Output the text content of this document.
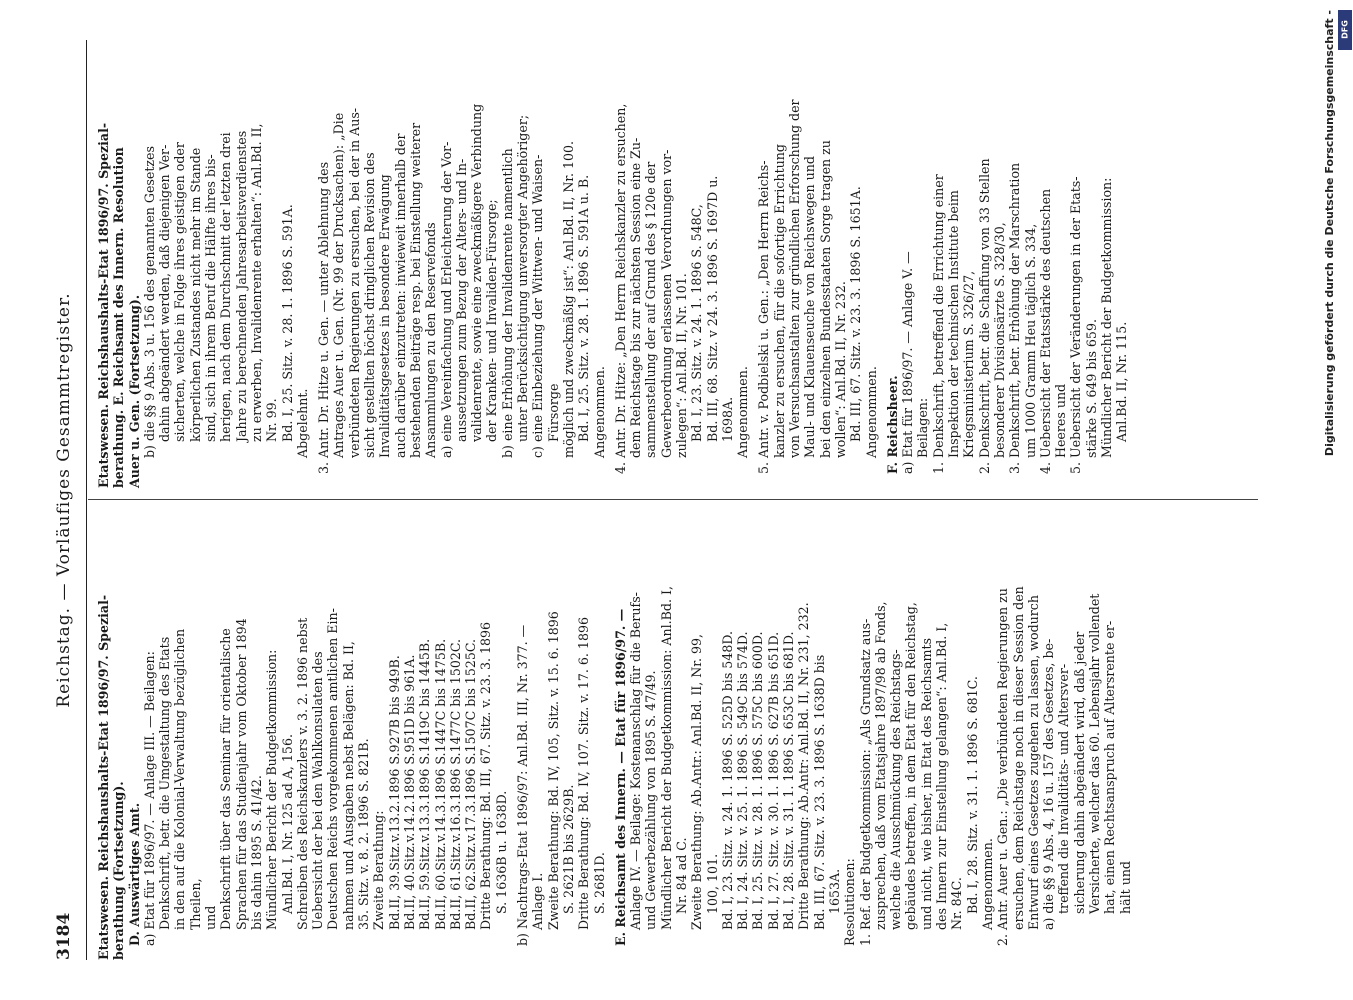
3184
Reichstag. — Vorläufiges Gesammtregister.

Etatswesen. Reichshaushalts-Etat 1896/97. Spezial- berathung (Fortsetzung). D. Auswärtiges Amt. a) Etat für 1896/97. — Anlage III. — Beilagen: Denkschrift, betr. die Umgestaltung des Etats in den auf die Kolonial-Verwaltung bezüglichen Theilen, und Denkschrift über das Seminar für orientalische Sprachen für das Studienjahr vom Oktober 1894 bis dahin 1895 S. 41/42. Mündlicher Bericht der Budgetkommission: Anl.Bd. I, Nr. 125 ad A, 156. Schreiben des Reichskanzlers v. 3. 2. 1896 nebst Uebersicht der bei den Wahlkonsulaten des Deutschen Reichs vorgekommenen amtlichen Ein- nahmen und Ausgaben nebst Belägen: Bd. II, 35. Sitz. v. 8. 2. 1896 S. 821B. Zweite Berathung: Bd.II, 39.Sitz.v.13.2.1896 S.927B bis 949B. Bd.II, 40.Sitz.v.14.2.1896 S.951D bis 961A. Bd.II, 59.Sitz.v.13.3.1896 S.1419C bis 1445B. Bd.II, 60.Sitz.v.14.3.1896 S.1447C bis 1475B. Bd.II, 61.Sitz.v.16.3.1896 S.1477C bis 1502C. Bd.II, 62.Sitz.v.17.3.1896 S.1507C bis 1525C. Dritte Berathung: Bd. III, 67. Sitz. v. 23. 3. 1896 S. 1636B u. 1638D. b) Nachtrags-Etat 1896/97: Anl.Bd. III, Nr. 377. — Anlage I. Zweite Berathung: Bd. IV, 105, Sitz. v. 15. 6. 1896 S. 2621B bis 2629B. Dritte Berathung: Bd. IV, 107. Sitz. v. 17. 6. 1896 S. 2681D. E. Reichsamt des Innern. — Etat für 1896/97. — Anlage IV. — Beilage: Kostenanschlag für die Berufs- und Gewerbezählung von 1895 S. 47/49. Mündlicher Bericht der Budgetkommission: Anl.Bd. I, Nr. 84 ad C. Zweite Berathung: Ab.Antr.: Anl.Bd. II, Nr. 99, 100, 101. Bd. I, 23. Sitz. v. 24. 1. 1896 S. 525D bis 548D. Bd. I, 24. Sitz. v. 25. 1. 1896 S. 549C bis 574D. Bd. I, 25. Sitz. v. 28. 1. 1896 S. 575C bis 600D. Bd. I, 27. Sitz. v. 30. 1. 1896 S. 627B bis 651D. Bd. I, 28. Sitz. v. 31. 1. 1896 S. 653C bis 681D. Dritte Berathung: Ab.Antr: Anl.Bd. II, Nr. 231, 232. Bd. III, 67. Sitz. v. 23. 3. 1896 S. 1638D bis 1653A. Resolutionen: 1. Ref. der Budgetkommission: „Als Grundsatz aus- zusprechen, daß vom Etatsjahre 1897/98 ab Fonds, welche die Ausschmückung des Reichstags- gebäudes betreffen, in dem Etat für den Reichstag, und nicht, wie bisher, im Etat des Reichsamts des Innern zur Einstellung gelangen“: Anl.Bd. I, Nr. 84C. Bd. I, 28. Sitz. v. 31. 1. 1896 S. 681C. Angenommen. 2. Antr. Auer u. Gen.: „Die verbündeten Regierungen zu ersuchen, dem Reichstage noch in dieser Session den Entwurf eines Gesetzes zugehen zu lassen, wodurch a) die §§ 9 Abs. 4, 16 u. 157 des Gesetzes, be- treffend die Invaliditäts- und Altersver- sicherung dahin abgeändert wird, daß jeder Versicherte, welcher das 60. Lebensjahr vollendet hat, einen Rechtsanspruch auf Altersrente er- hält und

Etatswesen. Reichshaushalts-Etat 1896/97. Spezial- berathung. E. Reichsamt des Innern. Resolution Auer u. Gen. (Fortsetzung). b) die §§ 9 Abs. 3 u. 156 des genannten Gesetzes dahin abgeändert werden, daß diejenigen Ver- sicherten, welche in Folge ihres geistigen oder körperlichen Zustandes nicht mehr im Stande sind, sich in ihrem Beruf die Hälfte ihres bis- herigen, nach dem Durchschnitt der letzten drei Jahre zu berechnenden Jahresarbeitsverdienstes zu erwerben, Invalidenrente erhalten“: Anl.Bd. II, Nr. 99. Bd. I, 25. Sitz. v. 28. 1. 1896 S. 591A. Abgelehnt. 3. Antr. Dr. Hitze u. Gen. — unter Ablehnung des Antrages Auer u. Gen. (Nr. 99 der Drucksachen): „Die verbündeten Regierungen zu ersuchen, bei der in Aus- sicht gestellten höchst dringlichen Revision des Invaliditätsgesetzes in besondere Erwägung auch darüber einzutreten: inwieweit innerhalb der bestehenden Beiträge resp. bei Einstellung weiterer Ansammlungen zu den Reservefonds a) eine Vereinfachung und Erleichterung der Vor- aussetzungen zum Bezug der Alters- und In- validenrente, sowie eine zweckmäßigere Verbindung der Kranken- und Invaliden-Fürsorge; b) eine Erhöhung der Invalidenrente namentlich unter Berücksichtigung unversorgter Angehöriger; c) eine Einbeziehung der Wittwen- und Waisen- Fürsorge möglich und zweckmäßig ist“: Anl.Bd. II, Nr. 100. Bd. I, 25. Sitz. v. 28. 1. 1896 S. 591A u. B. Angenommen. 4. Antr. Dr. Hitze: „Den Herrn Reichskanzler zu ersuchen, dem Reichstage bis zur nächsten Session eine Zu- sammenstellung der auf Grund des § 120e der Gewerbeordnung erlassenen Verordnungen vor- zulegen“: Anl.Bd. II, Nr. 101. Bd. I, 23. Sitz. v. 24. 1. 1896 S. 548C, Bd. III, 68. Sitz. v 24. 3. 1896 S. 1697D u. 1698A. Angenommen. 5. Antr. v. Podbielski u. Gen.: „Den Herrn Reichs- kanzler zu ersuchen, für die sofortige Errichtung von Versuchsanstalten zur gründlichen Erforschung der Maul- und Klauenseuche von Reichswegen und bei den einzelnen Bundesstaaten Sorge tragen zu wollen“: Anl.Bd. II, Nr. 232. Bd. III, 67. Sitz. v. 23. 3. 1896 S. 1651A. Angenommen. F. Reichsheer. a) Etat für 1896/97. — Anlage V. — Beilagen: 1. Denkschrift, betreffend die Errichtung einer Inspektion der technischen Institute beim Kriegsministerium S. 326/27, 2. Denkschrift, betr. die Schaffung von 33 Stellen besonderer Divisionsärzte S. 328/30, 3. Denkschrift, betr. Erhöhung der Marschration um 1000 Gramm Heu täglich S. 334, 4. Uebersicht der Etatsstärke des deutschen Heeres und 5. Uebersicht der Veränderungen in der Etats- stärke S. 649 bis 659. Mündlicher Bericht der Budgetkommission: Anl.Bd. II, Nr. 115.	Digitalisierung gefördert durch die Deutsche Forschungsgemeinschaft - DFG
